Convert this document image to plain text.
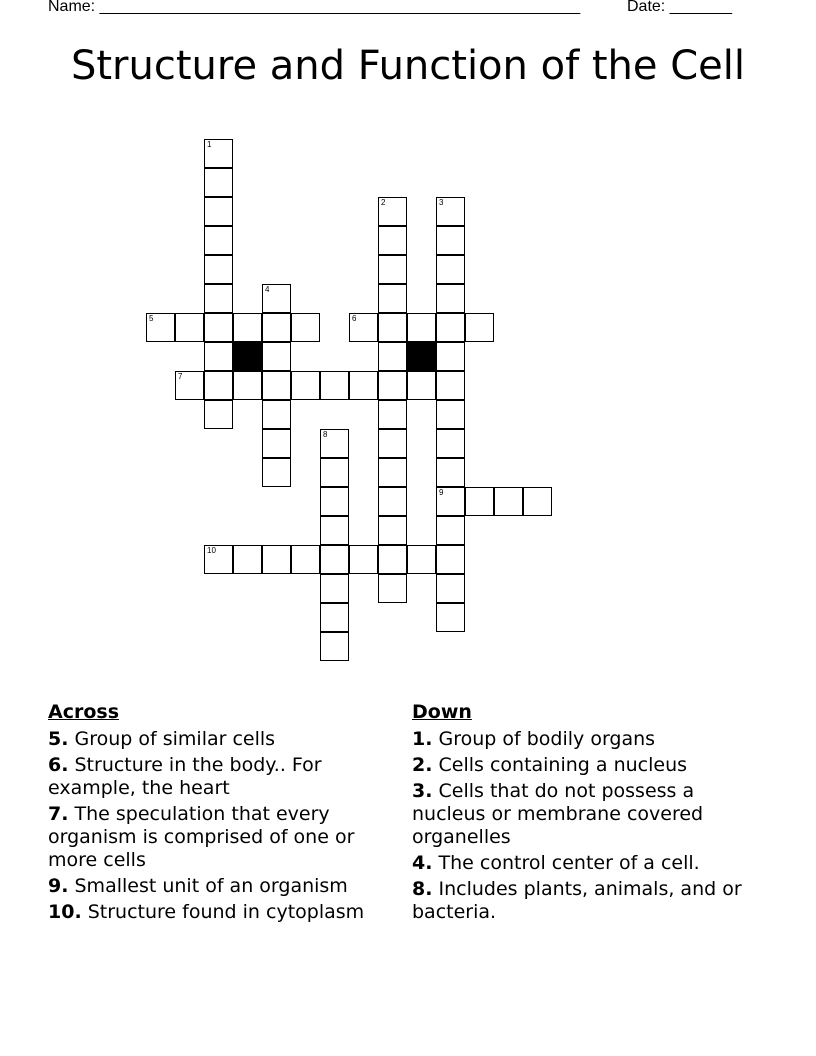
Name: ______________________________________________________	Date: _______
Structure and Function of the Cell
1
2	3
4
5	6
7
8
9
10
Across
5. Group of similar cells
6. Structure in the body.. For example, the heart
7. The speculation that every organism is comprised of one or more cells
9. Smallest unit of an organism
10. Structure found in cytoplasm
Down
1. Group of bodily organs
2. Cells containing a nucleus
3. Cells that do not possess a nucleus or membrane covered organelles
4. The control center of a cell.
8. Includes plants, animals, and or bacteria.
